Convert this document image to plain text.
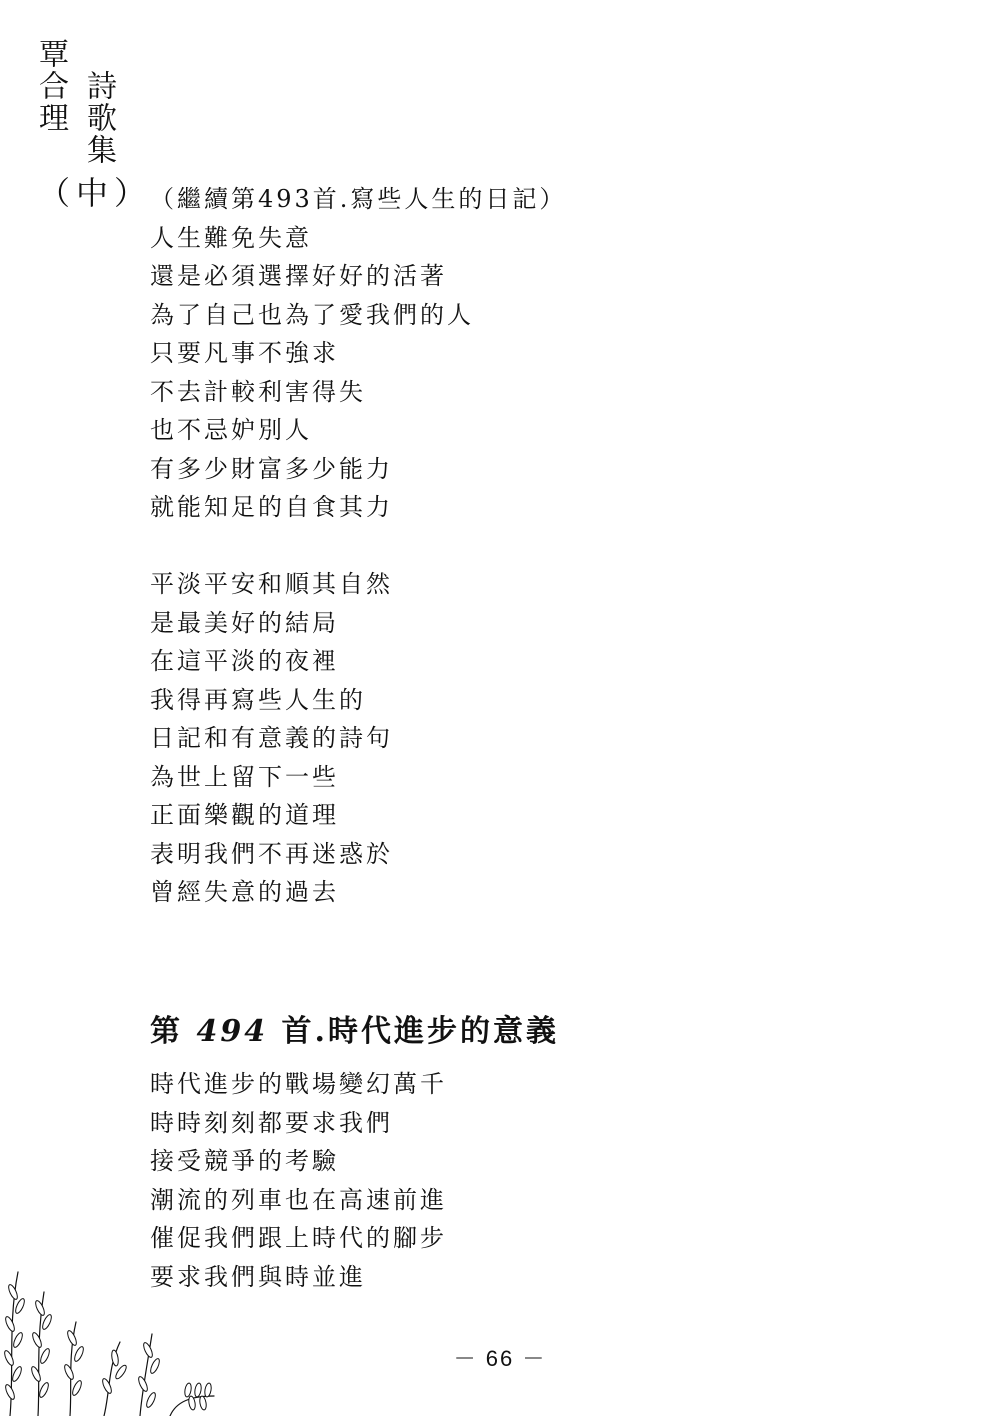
覃合理 詩歌集
（中）
（繼續第493首.寫些人生的日記）
人生難免失意
還是必須選擇好好的活著
為了自己也為了愛我們的人
只要凡事不強求
不去計較利害得失
也不忌妒別人
有多少財富多少能力
就能知足的自食其力
平淡平安和順其自然
是最美好的結局
在這平淡的夜裡
我得再寫些人生的
日記和有意義的詩句
為世上留下一些
正面樂觀的道理
表明我們不再迷惑於
曾經失意的過去
第 494 首.時代進步的意義
時代進步的戰場變幻萬千
時時刻刻都要求我們
接受競爭的考驗
潮流的列車也在高速前進
催促我們跟上時代的腳步
要求我們與時並進
－ 66 －
